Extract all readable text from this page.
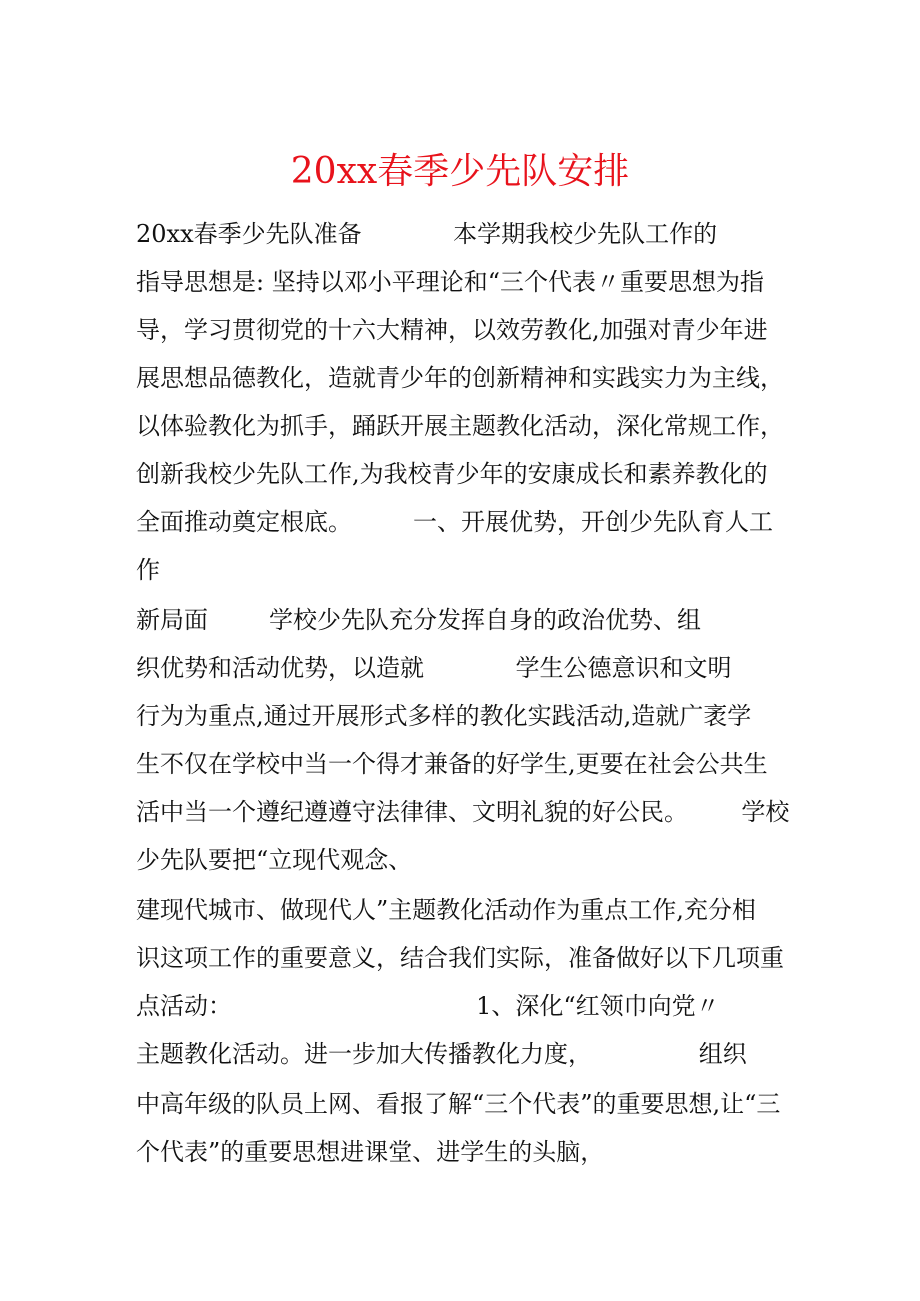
20xx春季少先队安排
20xx春季少先队准备            本学期我校少先队工作的
指导思想是: 坚持以邓小平理论和“三个代表〃重要思想为指
导，学习贯彻党的十六大精神，以效劳教化,加强对青少年进
展思想品德教化，造就青少年的创新精神和实践实力为主线，
以体验教化为抓手，踊跃开展主题教化活动，深化常规工作，
创新我校少先队工作,为我校青少年的安康成长和素养教化的
全面推动奠定根底。        一、开展优势，开创少先队育人工
作
新局面        学校少先队充分发挥自身的政治优势、组
织优势和活动优势，以造就            学生公德意识和文明
行为为重点,通过开展形式多样的教化实践活动,造就广袤学
生不仅在学校中当一个得才兼备的好学生,更要在社会公共生
活中当一个遵纪遵遵守法律律、文明礼貌的好公民。       学校
少先队要把“立现代观念、
建现代城市、做现代人”主题教化活动作为重点工作,充分相
识这项工作的重要意义，结合我们实际，准备做好以下几项重
点活动：                                1、深化“红领巾向党〃
主题教化活动。进一步加大传播教化力度，              组织
中高年级的队员上网、看报了解“三个代表”的重要思想,让“三
个代表”的重要思想进课堂、进学生的头脑，
